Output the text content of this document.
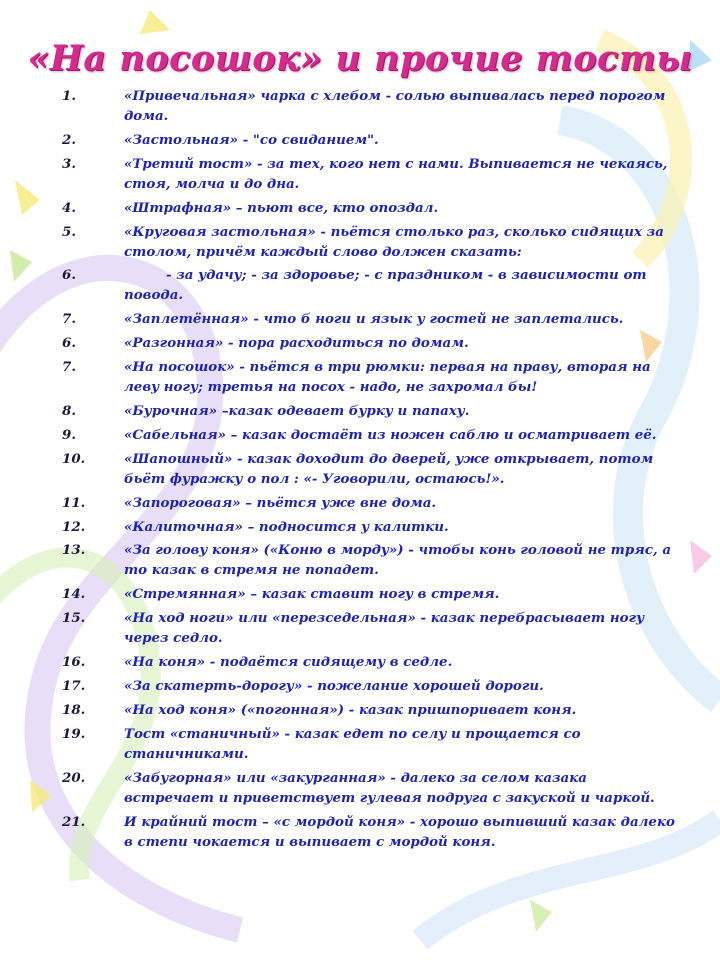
«На посошок» и прочие тосты
1.	«Привечальная» чарка с хлебом - солью выпивалась перед порогом дома.
2.	«Застольная» - "со свиданием".
3.	«Третий тост» - за тех, кого нет с нами. Выпивается не чекаясь, стоя, молча и до дна.
4.	«Штрафная» – пьют все, кто опоздал.
5.	«Круговая застольная» - пьётся столько раз, сколько сидящих за столом, причём каждый слово должен сказать:
6.	- за удачу; - за здоровье; - с праздником - в зависимости от повода.
7.	«Заплетённая» - что б ноги и язык у гостей не заплетались.
6.	«Разгонная» - пора расходиться по домам.
7.	«На посошок» - пьётся в три рюмки: первая на праву, вторая на леву ногу; третья на посох - надо, не захромал бы!
8.	«Бурочная» –казак одевает бурку и папаху.
9.	«Сабельная» – казак достаёт из ножен саблю и осматривает её.
10.	«Шапошный» - казак доходит до дверей, уже открывает, потом бьёт фуражку о пол : «- Уговорили, остаюсь!».
11.	«Запороговая» – пьётся уже вне дома.
12.	«Калиточная» – подносится у калитки.
13.	«За голову коня» («Коню в морду») - чтобы конь головой не тряс, а то казак в стремя не попадет.
14.	«Стремянная» – казак ставит ногу в стремя.
15.	«На ход ноги» или «перезседельная» - казак перебрасывает ногу через седло.
16.	«На коня» - подаётся сидящему в седле.
17.	«За скатерть-дорогу» - пожелание хорошей дороги.
18.	«На ход коня» («погонная») - казак пришпоривает коня.
19.	Тост «станичный» - казак едет по селу и прощается со станичниками.
20.	«Забугорная» или «закурганная» - далеко за селом казака встречает и приветствует гулевая подруга с закуской и чаркой.
21.	И крайний тост – «с мордой коня» - хорошо выпивший казак далеко в степи чокается и выпивает с мордой коня.
